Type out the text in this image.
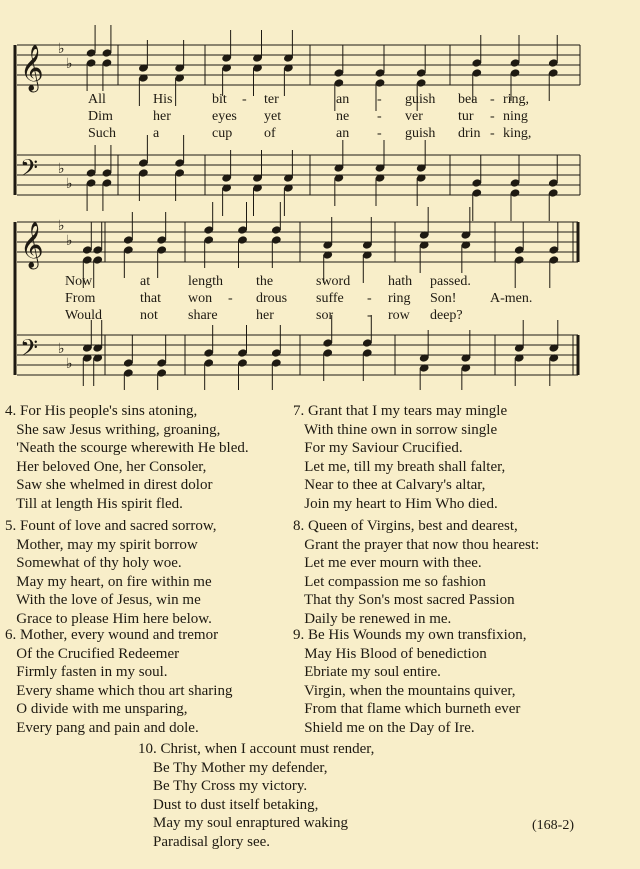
𝄞 ♭
♭
𝄢 ♭
♭
𝄞 ♭
♭
𝄢 ♭
♭
All	His	bit - ter	an - guish bea - ring,
Dim	her	eyes yet	ne - ver	tur - ning
Such	a	cup of	an - guish drin - king,
Now	at	length the	sword	hath passed.
From	that won - drous suffe - ring Son! A-men.
Would	not share	her	sor - row deep?
4. For His people's sins atoning,
She saw Jesus writhing, groaning,
'Neath the scourge wherewith He bled.
Her beloved One, her Consoler,
Saw she whelmed in direst dolor
Till at length His spirit fled.
5. Fount of love and sacred sorrow,
Mother, may my spirit borrow
Somewhat of thy holy woe.
May my heart, on fire within me
With the love of Jesus, win me
Grace to please Him here below.
6. Mother, every wound and tremor
Of the Crucified Redeemer
Firmly fasten in my soul.
Every shame which thou art sharing
O divide with me unsparing,
Every pang and pain and dole.
7. Grant that I my tears may mingle
With thine own in sorrow single
For my Saviour Crucified.
Let me, till my breath shall falter,
Near to thee at Calvary's altar,
Join my heart to Him Who died.
8. Queen of Virgins, best and dearest,
Grant the prayer that now thou hearest:
Let me ever mourn with thee.
Let compassion me so fashion
That thy Son's most sacred Passion
Daily be renewed in me.
9. Be His Wounds my own transfixion,
May His Blood of benediction
Ebriate my soul entire.
Virgin, when the mountains quiver,
From that flame which burneth ever
Shield me on the Day of Ire.
10. Christ, when I account must render,
Be Thy Mother my defender,
Be Thy Cross my victory.
Dust to dust itself betaking,
May my soul enraptured waking
Paradisal glory see.
(168-2)
